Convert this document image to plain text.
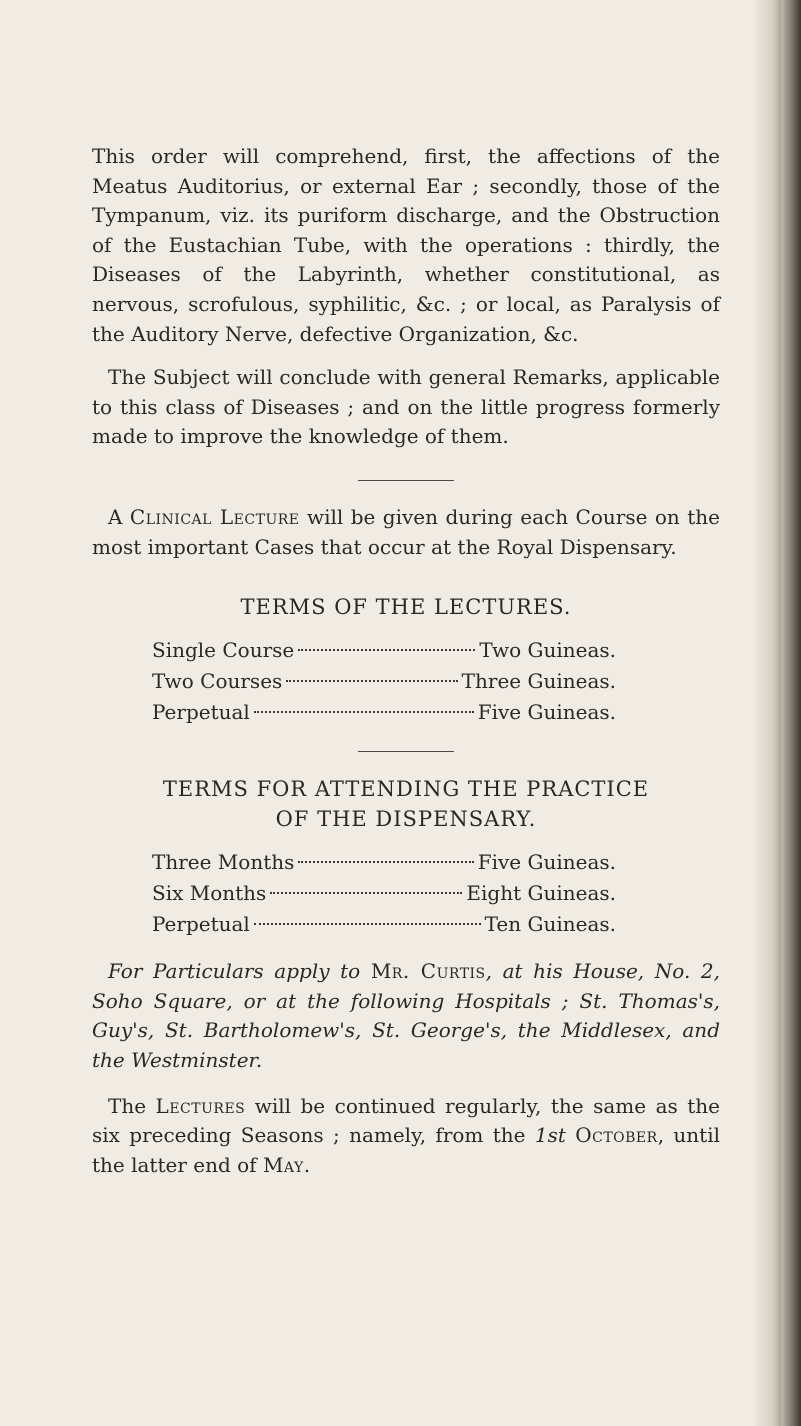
This order will comprehend, first, the affections of the Meatus Auditorius, or external Ear ; secondly, those of the Tympanum, viz. its puriform discharge, and the Obstruction of the Eustachian Tube, with the operations : thirdly, the Diseases of the Labyrinth, whether constitutional, as nervous, scrofulous, syphilitic, &c. ; or local, as Paralysis of the Auditory Nerve, defective Organization, &c.

The Subject will conclude with general Remarks, applicable to this class of Diseases ; and on the little progress formerly made to improve the knowledge of them.

A Clinical Lecture will be given during each Course on the most important Cases that occur at the Royal Dispensary.

TERMS OF THE LECTURES.
Single Course	Two Guineas.
Two Courses	Three Guineas.
Perpetual	Five Guineas.
TERMS FOR ATTENDING THE PRACTICE
OF THE DISPENSARY.
Three Months	Five Guineas.
Six Months	Eight Guineas.
Perpetual	Ten Guineas.

For Particulars apply to Mr. Curtis, at his House, No. 2, Soho Square, or at the following Hospitals ; St. Thomas's, Guy's, St. Bartholomew's, St. George's, the Middlesex, and the Westminster.

The Lectures will be continued regularly, the same as the six preceding Seasons ; namely, from the 1st October, until the latter end of May.
